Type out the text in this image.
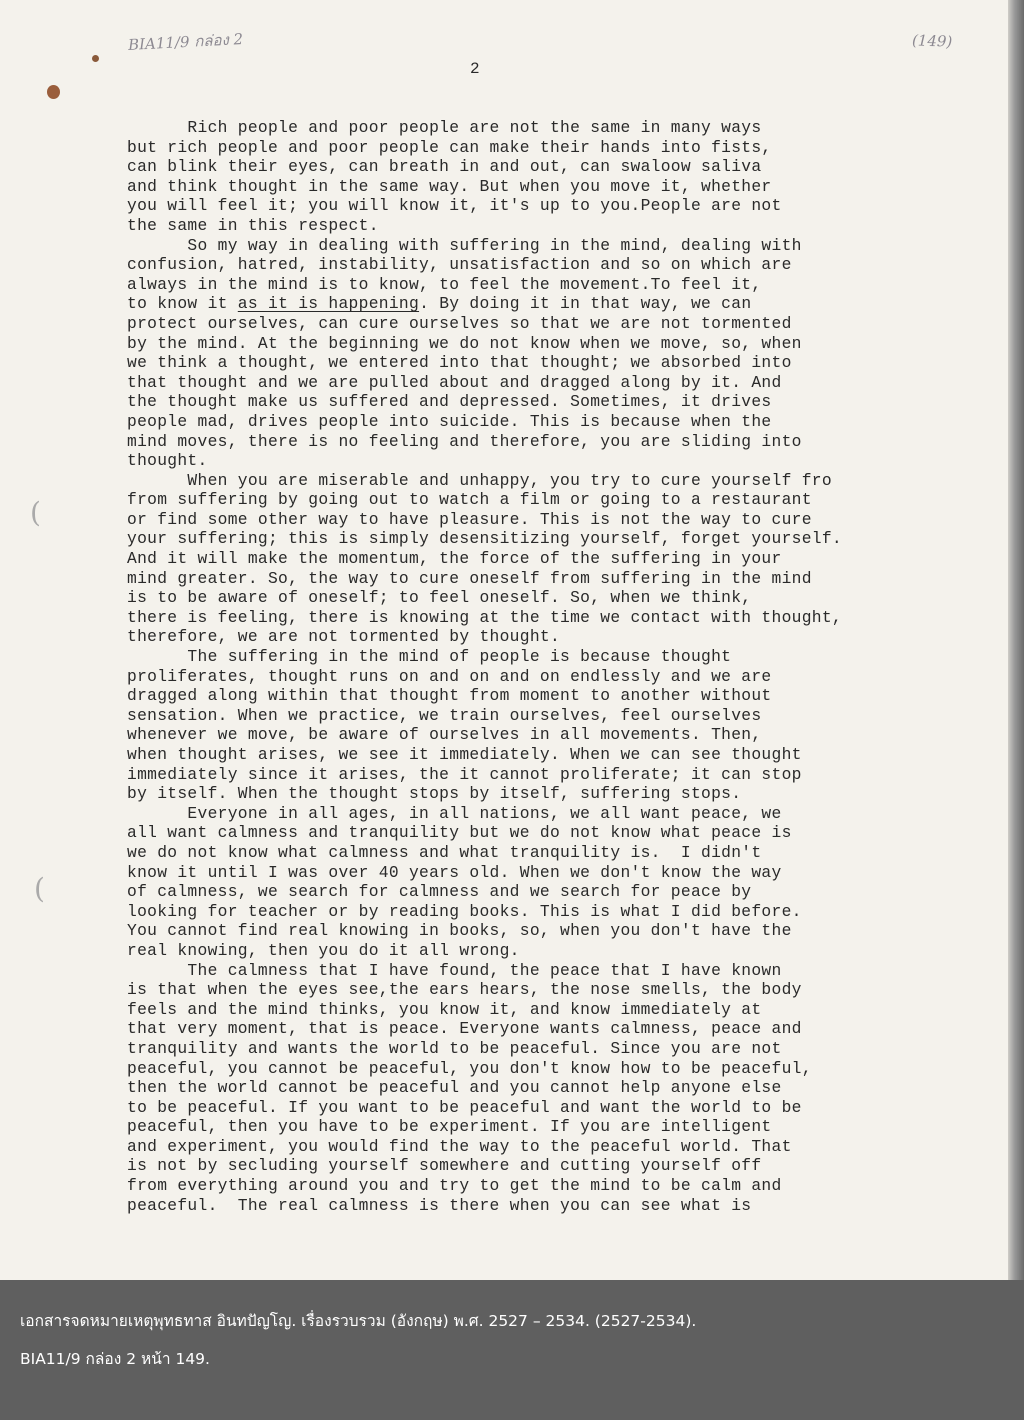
BIA11/9 กล่อง 2	(149)
2
(
(
Rich people and poor people are not the same in many ways
but rich people and poor people can make their hands into fists,
can blink their eyes, can breath in and out, can swaloow saliva
and think thought in the same way. But when you move it, whether
you will feel it; you will know it, it's up to you.People are not
the same in this respect.
So my way in dealing with suffering in the mind, dealing with
confusion, hatred, instability, unsatisfaction and so on which are
always in the mind is to know, to feel the movement.To feel it,
to know it as it is happening. By doing it in that way, we can
protect ourselves, can cure ourselves so that we are not tormented
by the mind. At the beginning we do not know when we move, so, when
we think a thought, we entered into that thought; we absorbed into
that thought and we are pulled about and dragged along by it. And
the thought make us suffered and depressed. Sometimes, it drives
people mad, drives people into suicide. This is because when the
mind moves, there is no feeling and therefore, you are sliding into
thought.
When you are miserable and unhappy, you try to cure yourself fro
from suffering by going out to watch a film or going to a restaurant
or find some other way to have pleasure. This is not the way to cure
your suffering; this is simply desensitizing yourself, forget yourself.
And it will make the momentum, the force of the suffering in your
mind greater. So, the way to cure oneself from suffering in the mind
is to be aware of oneself; to feel oneself. So, when we think,
there is feeling, there is knowing at the time we contact with thought,
therefore, we are not tormented by thought.
The suffering in the mind of people is because thought
proliferates, thought runs on and on and on endlessly and we are
dragged along within that thought from moment to another without
sensation. When we practice, we train ourselves, feel ourselves
whenever we move, be aware of ourselves in all movements. Then,
when thought arises, we see it immediately. When we can see thought
immediately since it arises, the it cannot proliferate; it can stop
by itself. When the thought stops by itself, suffering stops.
Everyone in all ages, in all nations, we all want peace, we
all want calmness and tranquility but we do not know what peace is
we do not know what calmness and what tranquility is.  I didn't
know it until I was over 40 years old. When we don't know the way
of calmness, we search for calmness and we search for peace by
looking for teacher or by reading books. This is what I did before.
You cannot find real knowing in books, so, when you don't have the
real knowing, then you do it all wrong.
The calmness that I have found, the peace that I have known
is that when the eyes see,the ears hears, the nose smells, the body
feels and the mind thinks, you know it, and know immediately at
that very moment, that is peace. Everyone wants calmness, peace and
tranquility and wants the world to be peaceful. Since you are not
peaceful, you cannot be peaceful, you don't know how to be peaceful,
then the world cannot be peaceful and you cannot help anyone else
to be peaceful. If you want to be peaceful and want the world to be
peaceful, then you have to be experiment. If you are intelligent
and experiment, you would find the way to the peaceful world. That
is not by secluding yourself somewhere and cutting yourself off
from everything around you and try to get the mind to be calm and
peaceful.  The real calmness is there when you can see what is
เอกสารจดหมายเหตุพุทธทาส อินทปัญโญ. เรื่องรวบรวม (อังกฤษ) พ.ศ. 2527 – 2534. (2527-2534).
BIA11/9 กล่อง 2 หน้า 149.
